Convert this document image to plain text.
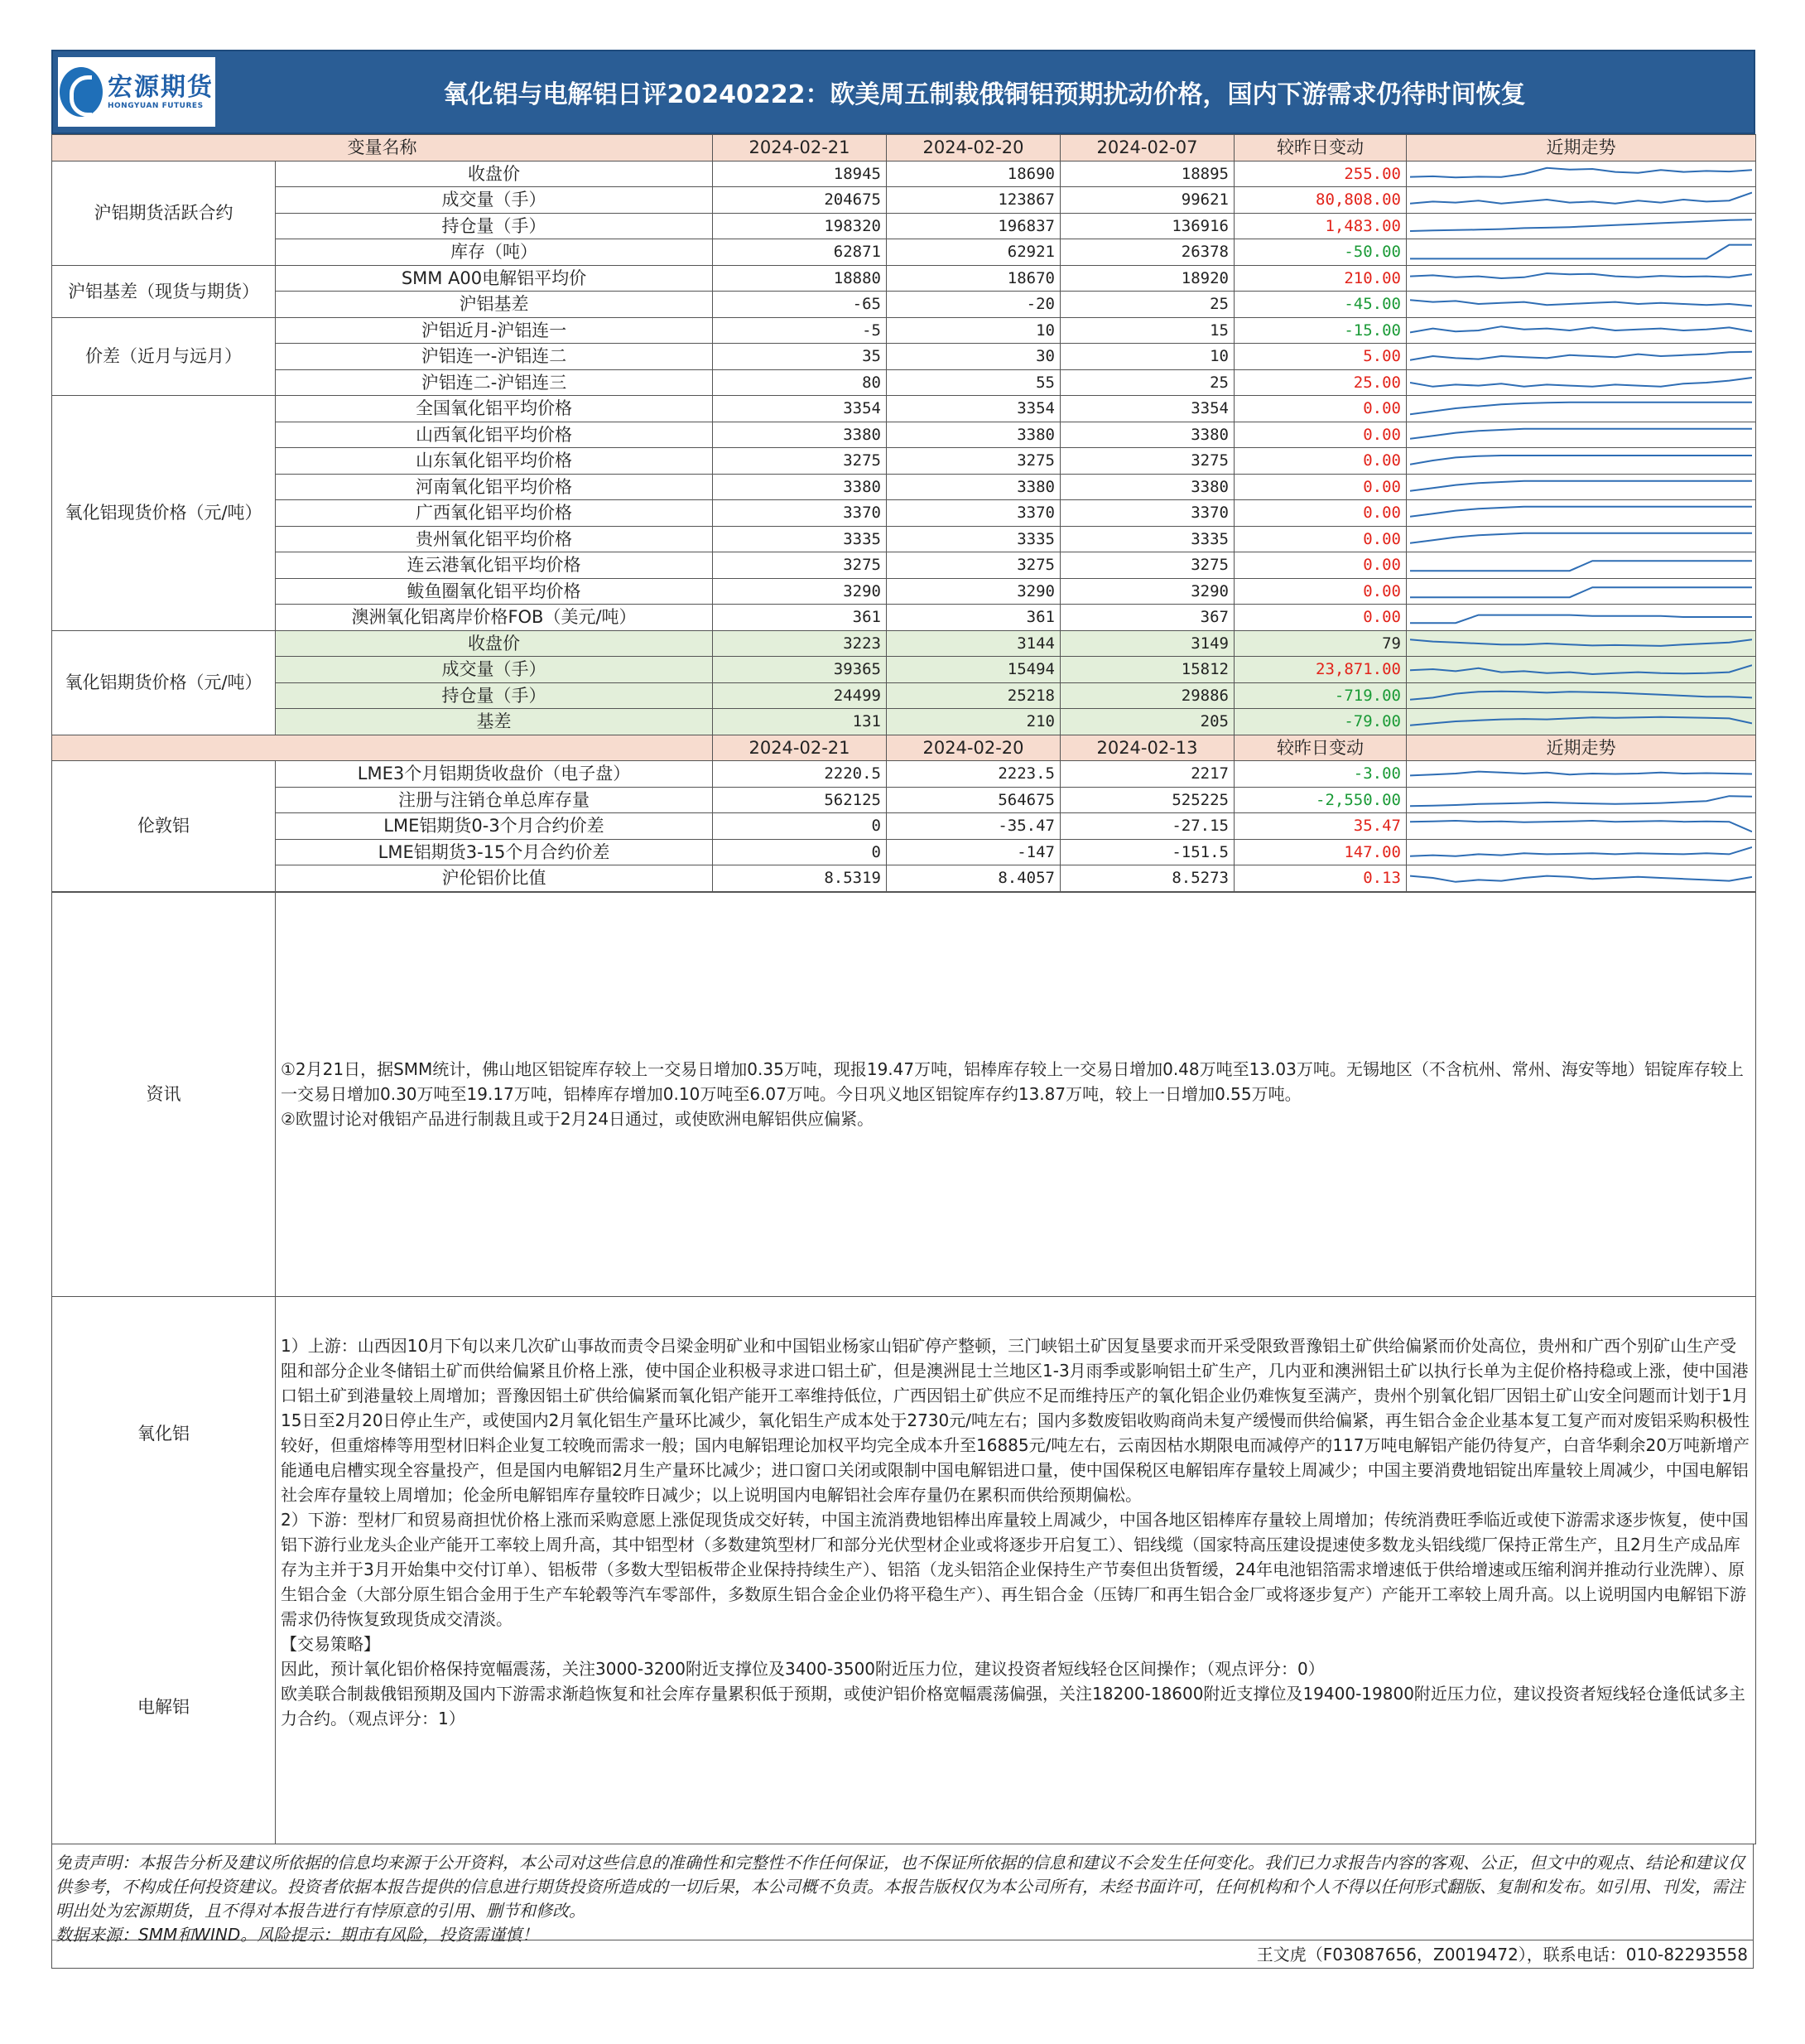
宏源期货
HONGYUAN FUTURES	氧化铝与电解铝日评20240222：欧美周五制裁俄铜铝预期扰动价格，国内下游需求仍待时间恢复
变量名称		2024-02-21	2024-02-20	2024-02-07	较昨日变动	近期走势
沪铝期货活跃合约	收盘价	18945	18690	18895	255.00	

	成交量（手）	204675	123867	99621	80,808.00	

	持仓量（手）	198320	196837	136916	1,483.00	

	库存（吨）	62871	62921	26378	-50.00	

沪铝基差（现货与期货）	SMM A00电解铝平均价	18880	18670	18920	210.00	

	沪铝基差	-65	-20	25	-45.00	

价差（近月与远月）	沪铝近月-沪铝连一	-5	10	15	-15.00	

	沪铝连一-沪铝连二	35	30	10	5.00	

	沪铝连二-沪铝连三	80	55	25	25.00	

氧化铝现货价格（元/吨）	全国氧化铝平均价格	3354	3354	3354	0.00	

	山西氧化铝平均价格	3380	3380	3380	0.00	

	山东氧化铝平均价格	3275	3275	3275	0.00	

	河南氧化铝平均价格	3380	3380	3380	0.00	

	广西氧化铝平均价格	3370	3370	3370	0.00	

	贵州氧化铝平均价格	3335	3335	3335	0.00	

	连云港氧化铝平均价格	3275	3275	3275	0.00	

	鲅鱼圈氧化铝平均价格	3290	3290	3290	0.00	

	澳洲氧化铝离岸价格FOB（美元/吨）	361	361	367	0.00	

氧化铝期货价格（元/吨）	收盘价	3223	3144	3149	79	

	成交量（手）	39365	15494	15812	23,871.00	

	持仓量（手）	24499	25218	29886	-719.00	

	基差	131	210	205	-79.00	

		2024-02-21	2024-02-20	2024-02-13	较昨日变动	近期走势
伦敦铝	LME3个月铝期货收盘价（电子盘）	2220.5	2223.5	2217	-3.00	

	注册与注销仓单总库存量	562125	564675	525225	-2,550.00	

	LME铝期货0-3个月合约价差	0	-35.47	-27.15	35.47	

	LME铝期货3-15个月合约价差	0	-147	-151.5	147.00	

	沪伦铝价比值	8.5319	8.4057	8.5273	0.13	
资讯	①2月21日，据SMM统计，佛山地区铝锭库存较上一交易日增加0.35万吨，现报19.47万吨，铝棒库存较上一交易日增加0.48万吨至13.03万吨。无锡地区（不含杭州、常州、海安等地）铝锭库存较上一交易日增加0.30万吨至19.17万吨，铝棒库存增加0.10万吨至6.07万吨。今日巩义地区铝锭库存约13.87万吨，较上一日增加0.55万吨。

②欧盟讨论对俄铝产品进行制裁且或于2月24日通过，或使欧洲电解铝供应偏紧。

氧化铝	1）上游：山西因10月下旬以来几次矿山事故而责令吕梁金明矿业和中国铝业杨家山铝矿停产整顿，三门峡铝土矿因复垦要求而开采受限致晋豫铝土矿供给偏紧而价处高位，贵州和广西个别矿山生产受阻和部分企业冬储铝土矿而供给偏紧且价格上涨，使中国企业积极寻求进口铝土矿，但是澳洲昆士兰地区1-3月雨季或影响铝土矿生产，几内亚和澳洲铝土矿以执行长单为主促价格持稳或上涨，使中国港口铝土矿到港量较上周增加；晋豫因铝土矿供给偏紧而氧化铝产能开工率维持低位，广西因铝土矿供应不足而维持压产的氧化铝企业仍难恢复至满产，贵州个别氧化铝厂因铝土矿山安全问题而计划于1月15日至2月20日停止生产，或使国内2月氧化铝生产量环比减少，氧化铝生产成本处于2730元/吨左右；国内多数废铝收购商尚未复产缓慢而供给偏紧，再生铝合金企业基本复工复产而对废铝采购积极性较好，但重熔棒等用型材旧料企业复工较晚而需求一般；国内电解铝理论加权平均完全成本升至16885元/吨左右，云南因枯水期限电而减停产的117万吨电解铝产能仍待复产，白音华剩余20万吨新增产能通电启槽实现全容量投产，但是国内电解铝2月生产量环比减少；进口窗口关闭或限制中国电解铝进口量，使中国保税区电解铝库存量较上周减少；中国主要消费地铝锭出库量较上周减少，中国电解铝社会库存量较上周增加；伦金所电解铝库存量较昨日减少；以上说明国内电解铝社会库存量仍在累积而供给预期偏松。

2）下游：型材厂和贸易商担忧价格上涨而采购意愿上涨促现货成交好转，中国主流消费地铝棒出库量较上周减少，中国各地区铝棒库存量较上周增加；传统消费旺季临近或使下游需求逐步恢复，使中国铝下游行业龙头企业产能开工率较上周升高，其中铝型材（多数建筑型材厂和部分光伏型材企业或将逐步开启复工）、铝线缆（国家特高压建设提速使多数龙头铝线缆厂保持正常生产，且2月生产成品库存为主并于3月开始集中交付订单）、铝板带（多数大型铝板带企业保持持续生产）、铝箔（龙头铝箔企业保持生产节奏但出货暂缓，24年电池铝箔需求增速低于供给增速或压缩利润并推动行业洗牌）、原生铝合金（大部分原生铝合金用于生产车轮毂等汽车零部件，多数原生铝合金企业仍将平稳生产）、再生铝合金（压铸厂和再生铝合金厂或将逐步复产）产能开工率较上周升高。以上说明国内电解铝下游需求仍待恢复致现货成交清淡。

【交易策略】

因此，预计氧化铝价格保持宽幅震荡，关注3000-3200附近支撑位及3400-3500附近压力位，建议投资者短线轻仓区间操作；（观点评分：0）

欧美联合制裁俄铝预期及国内下游需求渐趋恢复和社会库存量累积低于预期，或使沪铝价格宽幅震荡偏强，关注18200-18600附近支撑位及19400-19800附近压力位，建议投资者短线轻仓逢低试多主力合约。（观点评分：1）

电解铝	
免责声明：本报告分析及建议所依据的信息均来源于公开资料，本公司对这些信息的准确性和完整性不作任何保证，也不保证所依据的信息和建议不会发生任何变化。我们已力求报告内容的客观、公正，但文中的观点、结论和建议仅供参考，不构成任何投资建议。投资者依据本报告提供的信息进行期货投资所造成的一切后果，本公司概不负责。本报告版权仅为本公司所有，未经书面许可，任何机构和个人不得以任何形式翻版、复制和发布。如引用、刊发，需注明出处为宏源期货，且不得对本报告进行有悖原意的引用、删节和修改。
数据来源：SMM和WIND。风险提示：期市有风险，投资需谨慎！
王文虎（F03087656，Z0019472），联系电话：010-82293558
